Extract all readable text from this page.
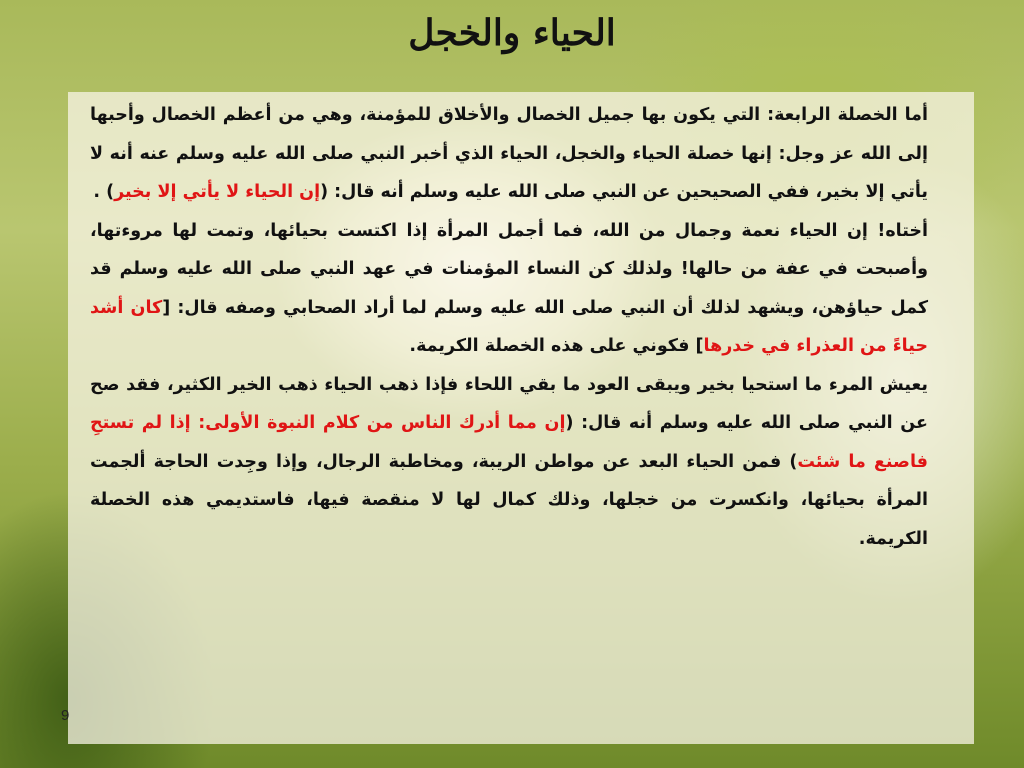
الحياء والخجل

أما الخصلة الرابعة: التي يكون بها جميل الخصال والأخلاق للمؤمنة، وهي من أعظم الخصال وأحبها إلى الله عز وجل: إنها خصلة الحياء والخجل، الحياء الذي أخبر النبي صلى الله عليه وسلم عنه أنه لا يأتي إلا بخير، ففي الصحيحين عن النبي صلى الله عليه وسلم أنه قال: (إن الحياء لا يأتي إلا بخير) .

أختاه! إن الحياء نعمة وجمال من الله، فما أجمل المرأة إذا اكتست بحيائها، وتمت لها مروءتها، وأصبحت في عفة من حالها! ولذلك كن النساء المؤمنات في عهد النبي صلى الله عليه وسلم قد كمل حياؤهن، ويشهد لذلك أن النبي صلى الله عليه وسلم لما أراد الصحابي وصفه قال: [كان أشد حياءً من العذراء في خدرها] فكوني على هذه الخصلة الكريمة.

يعيش المرء ما استحيا بخير ويبقى العود ما بقي اللحاء فإذا ذهب الحياء ذهب الخير الكثير، فقد صح عن النبي صلى الله عليه وسلم أنه قال: (إن مما أدرك الناس من كلام النبوة الأولى: إذا لم تستحِ فاصنع ما شئت) فمن الحياء البعد عن مواطن الريبة، ومخاطبة الرجال، وإذا وجِدت الحاجة ألجمت المرأة بحيائها، وانكسرت من خجلها، وذلك كمال لها لا منقصة فيها، فاستديمي هذه الخصلة الكريمة.

9
